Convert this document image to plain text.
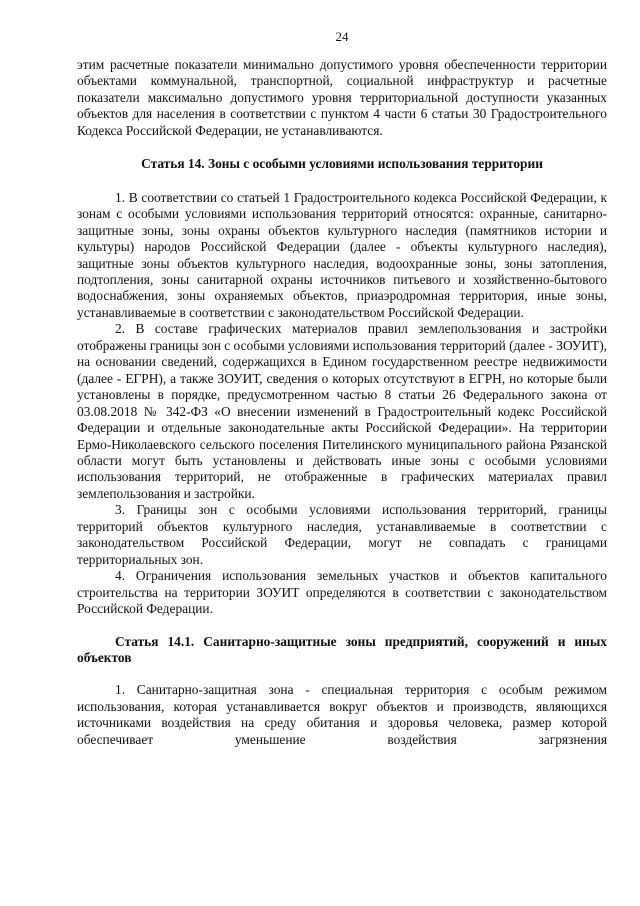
24

этим расчетные показатели минимально допустимого уровня обеспеченности территории объектами коммунальной, транспортной, социальной инфраструктур и расчетные показатели максимально допустимого уровня территориальной доступности указанных объектов для населения в соответствии с пунктом 4 части 6 статьи 30 Градостроительного Кодекса Российской Федерации, не устанавливаются.

Статья 14. Зоны с особыми условиями использования территории

1. В соответствии со статьей 1 Градостроительного кодекса Российской Федерации, к зонам с особыми условиями использования территорий относятся: охранные, санитарно-защитные зоны, зоны охраны объектов культурного наследия (памятников истории и культуры) народов Российской Федерации (далее - объекты культурного наследия), защитные зоны объектов культурного наследия, водоохранные зоны, зоны затопления, подтопления, зоны санитарной охраны источников питьевого и хозяйственно-бытового водоснабжения, зоны охраняемых объектов, приаэродромная территория, иные зоны, устанавливаемые в соответствии с законодательством Российской Федерации.

2. В составе графических материалов правил землепользования и застройки отображены границы зон с особыми условиями использования территорий (далее - ЗОУИТ), на основании сведений, содержащихся в Едином государственном реестре недвижимости (далее - ЕГРН), а также ЗОУИТ, сведения о которых отсутствуют в ЕГРН, но которые были установлены в порядке, предусмотренном частью 8 статьи 26 Федерального закона от 03.08.2018 № 342-ФЗ «О внесении изменений в Градостроительный кодекс Российской Федерации и отдельные законодательные акты Российской Федерации». На территории Ермо-Николаевского сельского поселения Пителинского муниципального района Рязанской области могут быть установлены и действовать иные зоны с особыми условиями использования территорий, не отображенные в графических материалах правил землепользования и застройки.

3. Границы зон с особыми условиями использования территорий, границы территорий объектов культурного наследия, устанавливаемые в соответствии с законодательством Российской Федерации, могут не совпадать с границами территориальных зон.

4. Ограничения использования земельных участков и объектов капитального строительства на территории ЗОУИТ определяются в соответствии с законодательством Российской Федерации.

Статья 14.1. Санитарно-защитные зоны предприятий, сооружений и иных объектов

1. Санитарно-защитная зона - специальная территория с особым режимом использования, которая устанавливается вокруг объектов и производств, являющихся источниками воздействия на среду обитания и здоровья человека, размер которой обеспечивает уменьшение воздействия загрязнения
